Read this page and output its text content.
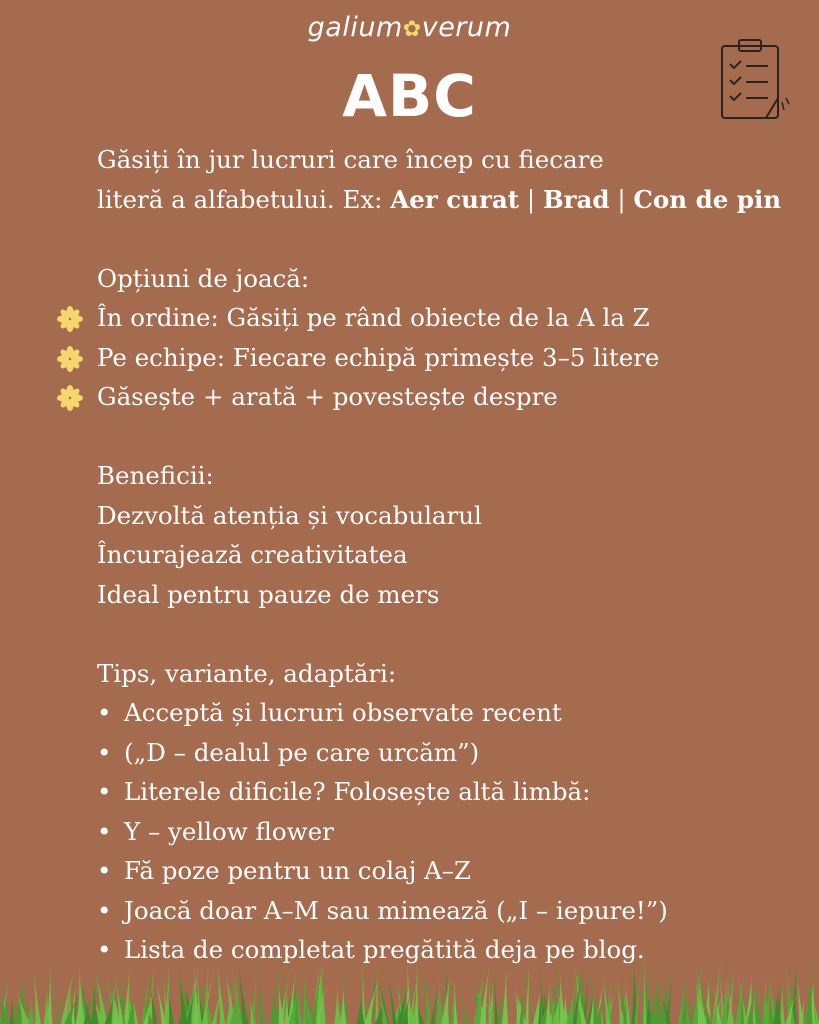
galium✿verum
ABC
Găsiți în jur lucruri care încep cu fiecare
literă a alfabetului. Ex: Aer curat | Brad | Con de pin
Opțiuni de joacă:
În ordine: Găsiți pe rând obiecte de la A la Z
Pe echipe: Fiecare echipă primește 3–5 litere
Găsește + arată + povestește despre
Beneficii:
Dezvoltă atenția și vocabularul
Încurajează creativitatea
Ideal pentru pauze de mers
Tips, variante, adaptări:
• Acceptă și lucruri observate recent
• („D – dealul pe care urcăm”)
• Literele dificile? Folosește altă limbă:
• Y – yellow flower
• Fă poze pentru un colaj A–Z
• Joacă doar A–M sau mimează („I – iepure!”)
• Lista de completat pregătită deja pe blog.
